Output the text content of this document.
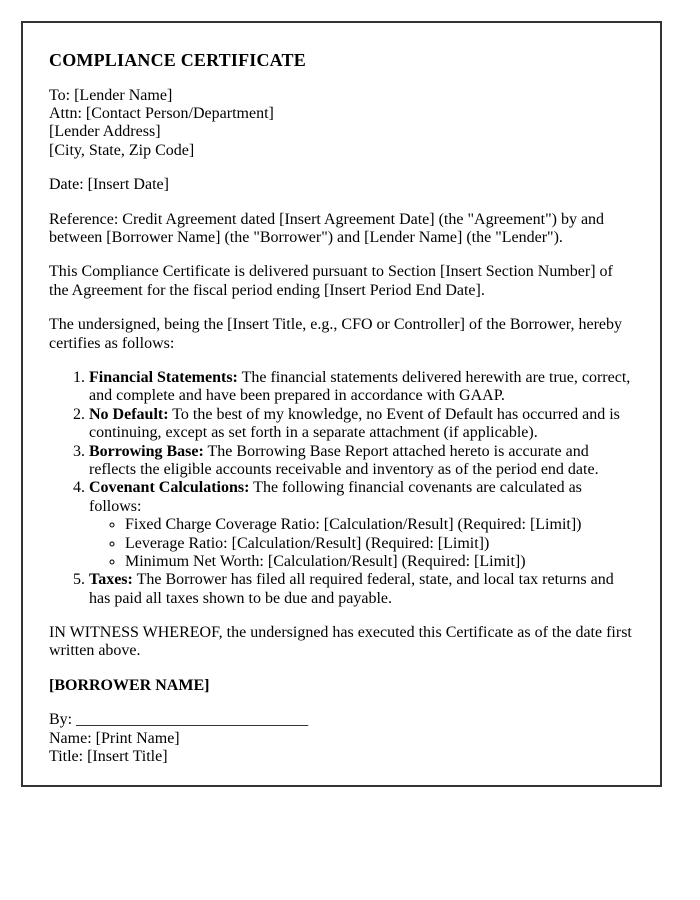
COMPLIANCE CERTIFICATE
To: [Lender Name]
Attn: [Contact Person/Department]
[Lender Address]
[City, State, Zip Code]

Date: [Insert Date]

Reference: Credit Agreement dated [Insert Agreement Date] (the "Agreement") by and between [Borrower Name] (the "Borrower") and [Lender Name] (the "Lender").

This Compliance Certificate is delivered pursuant to Section [Insert Section Number] of the Agreement for the fiscal period ending [Insert Period End Date].

The undersigned, being the [Insert Title, e.g., CFO or Controller] of the Borrower, hereby certifies as follows:

1. Financial Statements: The financial statements delivered herewith are true, correct, and complete and have been prepared in accordance with GAAP.
2. No Default: To the best of my knowledge, no Event of Default has occurred and is continuing, except as set forth in a separate attachment (if applicable).
3. Borrowing Base: The Borrowing Base Report attached hereto is accurate and reflects the eligible accounts receivable and inventory as of the period end date.
4. Covenant Calculations: The following financial covenants are calculated as follows:
◦ Fixed Charge Coverage Ratio: [Calculation/Result] (Required: [Limit])
◦ Leverage Ratio: [Calculation/Result] (Required: [Limit])
◦ Minimum Net Worth: [Calculation/Result] (Required: [Limit])
5. Taxes: The Borrower has filed all required federal, state, and local tax returns and has paid all taxes shown to be due and payable.

IN WITNESS WHEREOF, the undersigned has executed this Certificate as of the date first written above.

[BORROWER NAME]

By: _____________________________
Name: [Print Name]
Title: [Insert Title]
